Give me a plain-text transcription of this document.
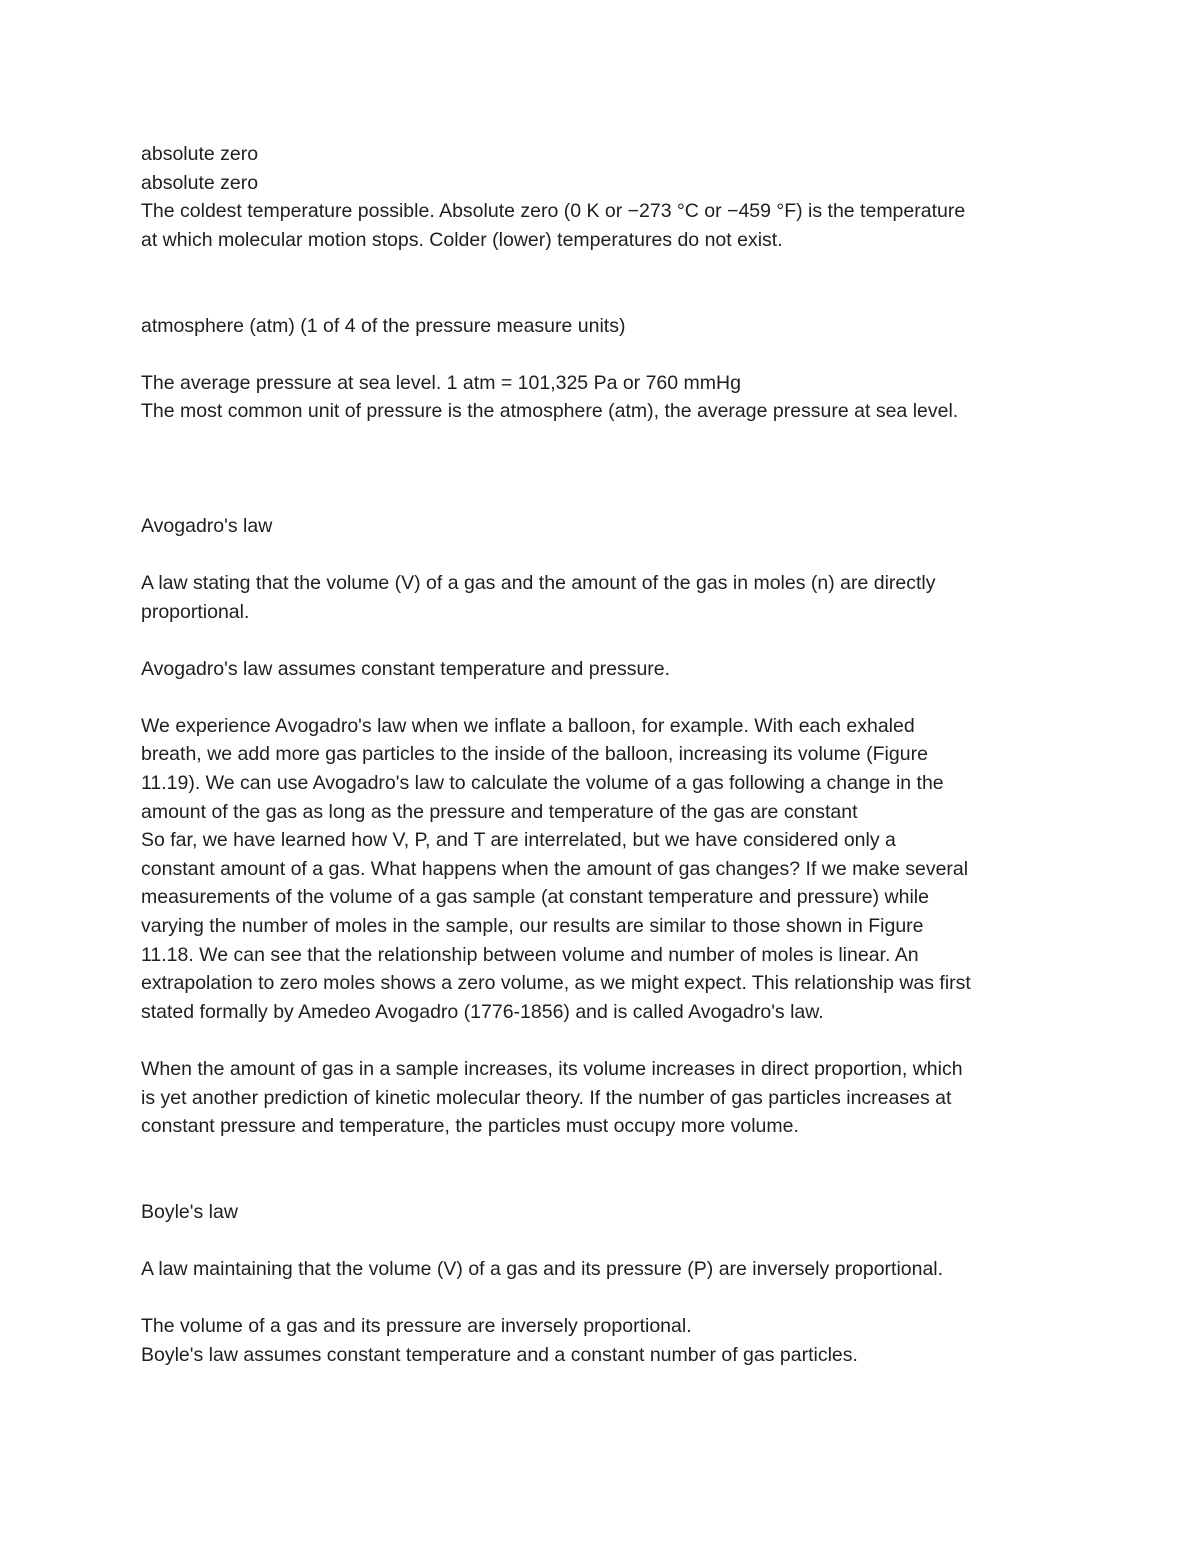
absolute zero
absolute zero
The coldest temperature possible. Absolute zero (0 K or −273 °C or −459 °F) is the temperature
at which molecular motion stops. Colder (lower) temperatures do not exist.
atmosphere (atm) (1 of 4 of the pressure measure units)
The average pressure at sea level. 1 atm = 101,325 Pa or 760 mmHg
The most common unit of pressure is the atmosphere (atm), the average pressure at sea level.
Avogadro's law
A law stating that the volume (V) of a gas and the amount of the gas in moles (n) are directly
proportional.
Avogadro's law assumes constant temperature and pressure.
We experience Avogadro's law when we inflate a balloon, for example. With each exhaled
breath, we add more gas particles to the inside of the balloon, increasing its volume (Figure
11.19). We can use Avogadro's law to calculate the volume of a gas following a change in the
amount of the gas as long as the pressure and temperature of the gas are constant
So far, we have learned how V, P, and T are interrelated, but we have considered only a
constant amount of a gas. What happens when the amount of gas changes? If we make several
measurements of the volume of a gas sample (at constant temperature and pressure) while
varying the number of moles in the sample, our results are similar to those shown in Figure
11.18. We can see that the relationship between volume and number of moles is linear. An
extrapolation to zero moles shows a zero volume, as we might expect. This relationship was first
stated formally by Amedeo Avogadro (1776-1856) and is called Avogadro's law.
When the amount of gas in a sample increases, its volume increases in direct proportion, which
is yet another prediction of kinetic molecular theory. If the number of gas particles increases at
constant pressure and temperature, the particles must occupy more volume.
Boyle's law
A law maintaining that the volume (V) of a gas and its pressure (P) are inversely proportional.
The volume of a gas and its pressure are inversely proportional.
Boyle's law assumes constant temperature and a constant number of gas particles.
